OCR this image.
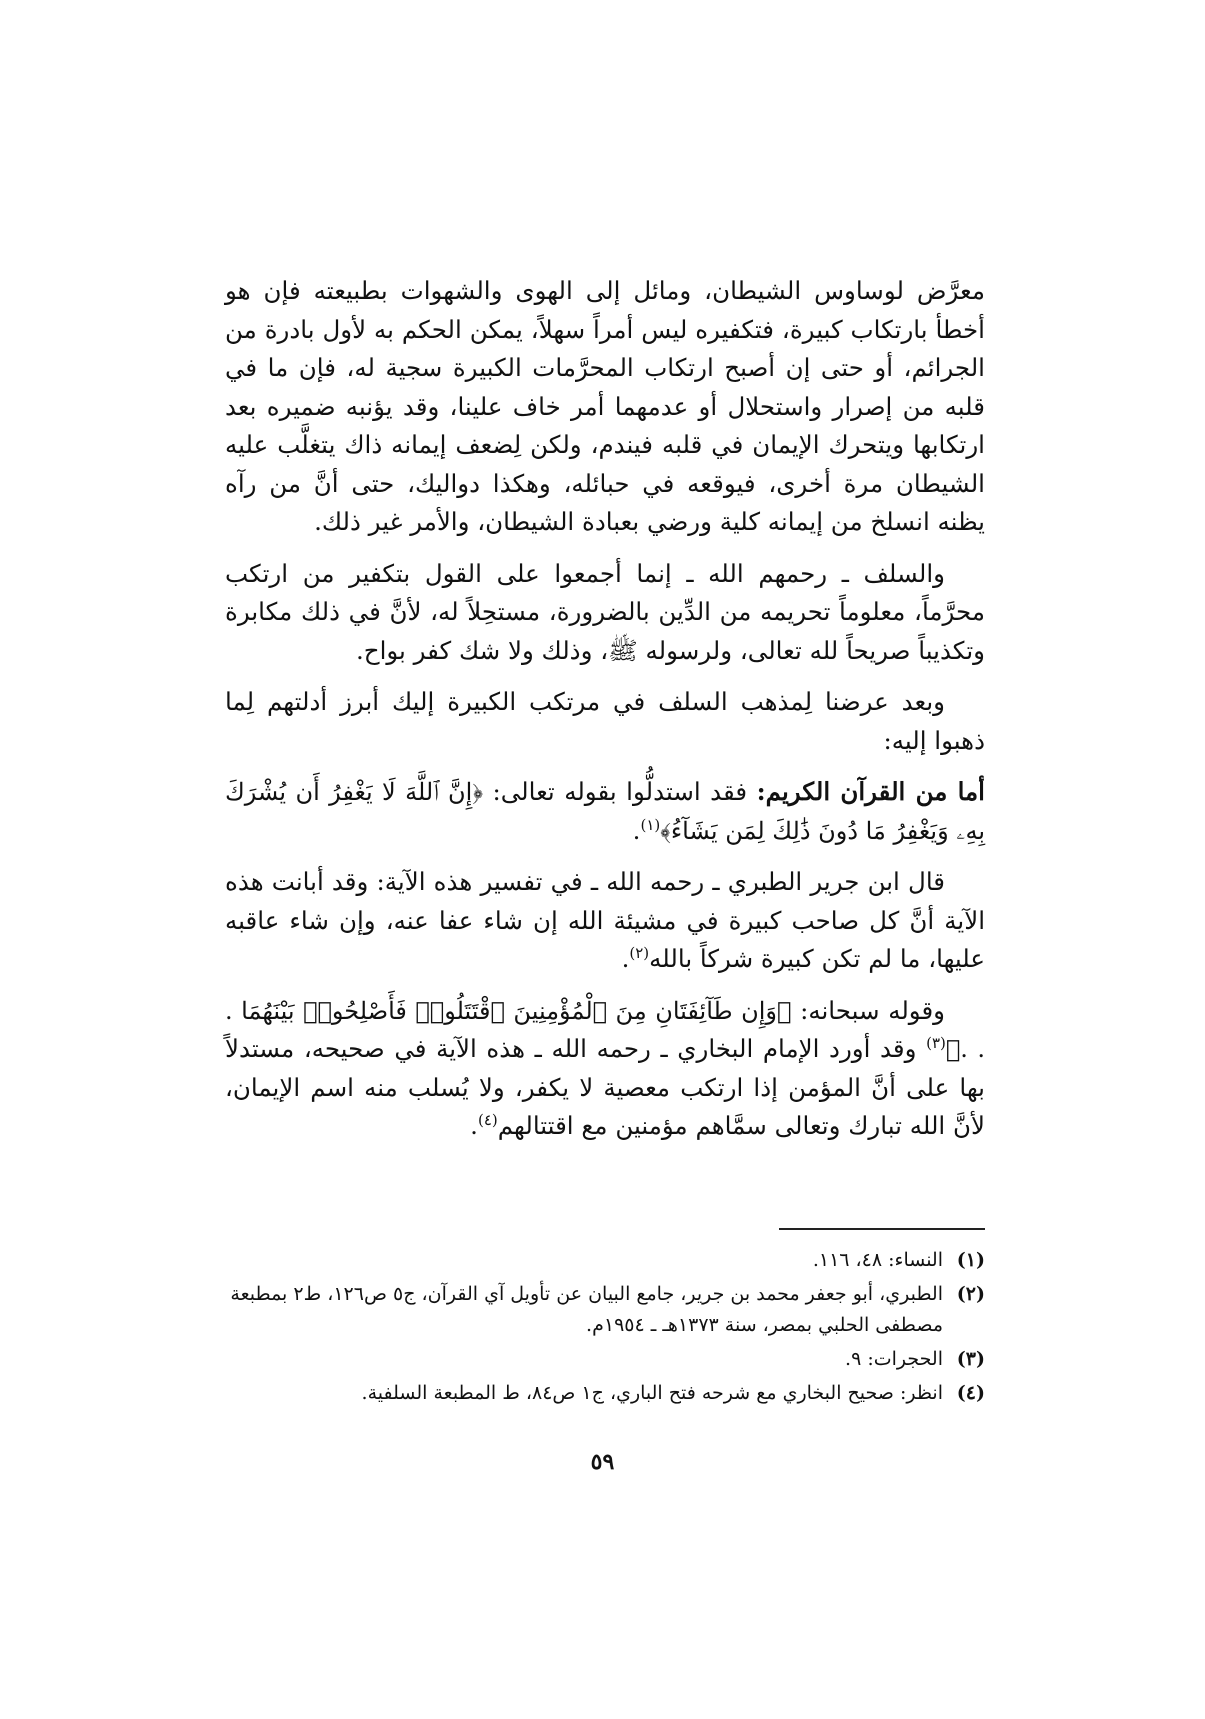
معرَّض لوساوس الشيطان، ومائل إلى الهوى والشهوات بطبيعته فإن هو أخطأ بارتكاب كبيرة، فتكفيره ليس أمراً سهلاً، يمكن الحكم به لأول بادرة من الجرائم، أو حتى إن أصبح ارتكاب المحرَّمات الكبيرة سجية له، فإن ما في قلبه من إصرار واستحلال أو عدمهما أمر خاف علينا، وقد يؤنبه ضميره بعد ارتكابها ويتحرك الإيمان في قلبه فيندم، ولكن لِضعف إيمانه ذاك يتغلَّب عليه الشيطان مرة أخرى، فيوقعه في حبائله، وهكذا دواليك، حتى أنَّ من رآه يظنه انسلخ من إيمانه كلية ورضي بعبادة الشيطان، والأمر غير ذلك.

والسلف ـ رحمهم الله ـ إنما أجمعوا على القول بتكفير من ارتكب محرَّماً، معلوماً تحريمه من الدِّين بالضرورة، مستحِلاً له، لأنَّ في ذلك مكابرة وتكذيباً صريحاً لله تعالى، ولرسوله ﷺ، وذلك ولا شك كفر بواح.

وبعد عرضنا لِمذهب السلف في مرتكب الكبيرة إليك أبرز أدلتهم لِما ذهبوا إليه:

أما من القرآن الكريم: فقد استدلُّوا بقوله تعالى: ﴿إِنَّ ٱللَّهَ لَا يَغْفِرُ أَن يُشْرَكَ بِهِۦ وَيَغْفِرُ مَا دُونَ ذَٰلِكَ لِمَن يَشَآءُ﴾$^{(١)}$.

قال ابن جرير الطبري ـ رحمه الله ـ في تفسير هذه الآية: وقد أبانت هذه الآية أنَّ كل صاحب كبيرة في مشيئة الله إن شاء عفا عنه، وإن شاء عاقبه عليها، ما لم تكن كبيرة شركاً بالله$^{(٢)}$.

وقوله سبحانه: ﴿وَإِن طَآئِفَتَانِ مِنَ ٱلْمُؤْمِنِينَ ٱقْتَتَلُوا۟ فَأَصْلِحُوا۟ بَيْنَهُمَا . . .﴾$^{(٣)}$ وقد أورد الإمام البخاري ـ رحمه الله ـ هذه الآية في صحيحه، مستدلاً بها على أنَّ المؤمن إذا ارتكب معصية لا يكفر، ولا يُسلب منه اسم الإيمان، لأنَّ الله تبارك وتعالى سمَّاهم مؤمنين مع اقتتالهم$^{(٤)}$.

(١)
النساء: ٤٨، ١١٦.
(٢)
الطبري، أبو جعفر محمد بن جرير، جامع البيان عن تأويل آي القرآن، ج٥ ص١٢٦، ط٢ بمطبعة مصطفى الحلبي بمصر، سنة ١٣٧٣هـ ـ ١٩٥٤م.
(٣)
الحجرات: ٩.
(٤)
انظر: صحيح البخاري مع شرحه فتح الباري، ج١ ص٨٤، ط المطبعة السلفية.
٥٩
